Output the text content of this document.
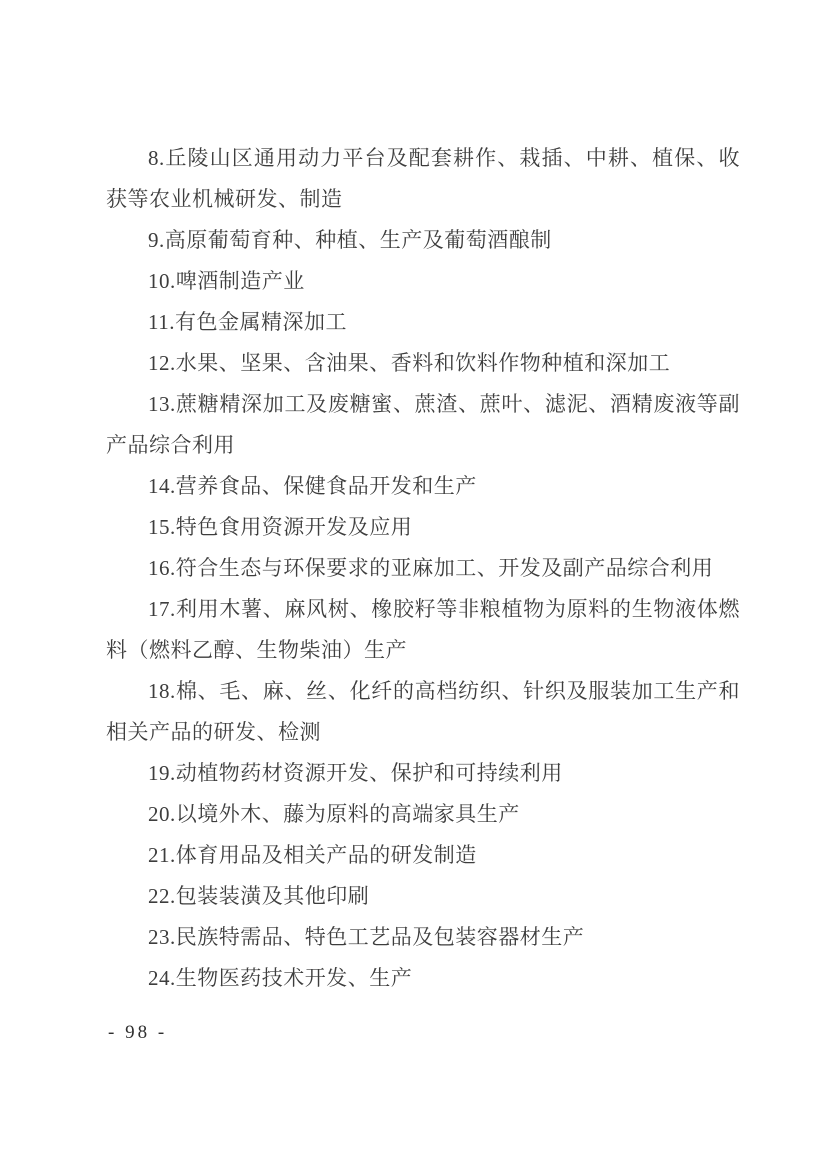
8.丘陵山区通用动力平台及配套耕作、栽插、中耕、植保、收获等农业机械研发、制造

9.高原葡萄育种、种植、生产及葡萄酒酿制

10.啤酒制造产业

11.有色金属精深加工

12.水果、坚果、含油果、香料和饮料作物种植和深加工

13.蔗糖精深加工及废糖蜜、蔗渣、蔗叶、滤泥、酒精废液等副产品综合利用

14.营养食品、保健食品开发和生产

15.特色食用资源开发及应用

16.符合生态与环保要求的亚麻加工、开发及副产品综合利用

17.利用木薯、麻风树、橡胶籽等非粮植物为原料的生物液体燃料（燃料乙醇、生物柴油）生产

18.棉、毛、麻、丝、化纤的高档纺织、针织及服装加工生产和相关产品的研发、检测

19.动植物药材资源开发、保护和可持续利用

20.以境外木、藤为原料的高端家具生产

21.体育用品及相关产品的研发制造

22.包装装潢及其他印刷

23.民族特需品、特色工艺品及包装容器材生产

24.生物医药技术开发、生产

- 98 -
